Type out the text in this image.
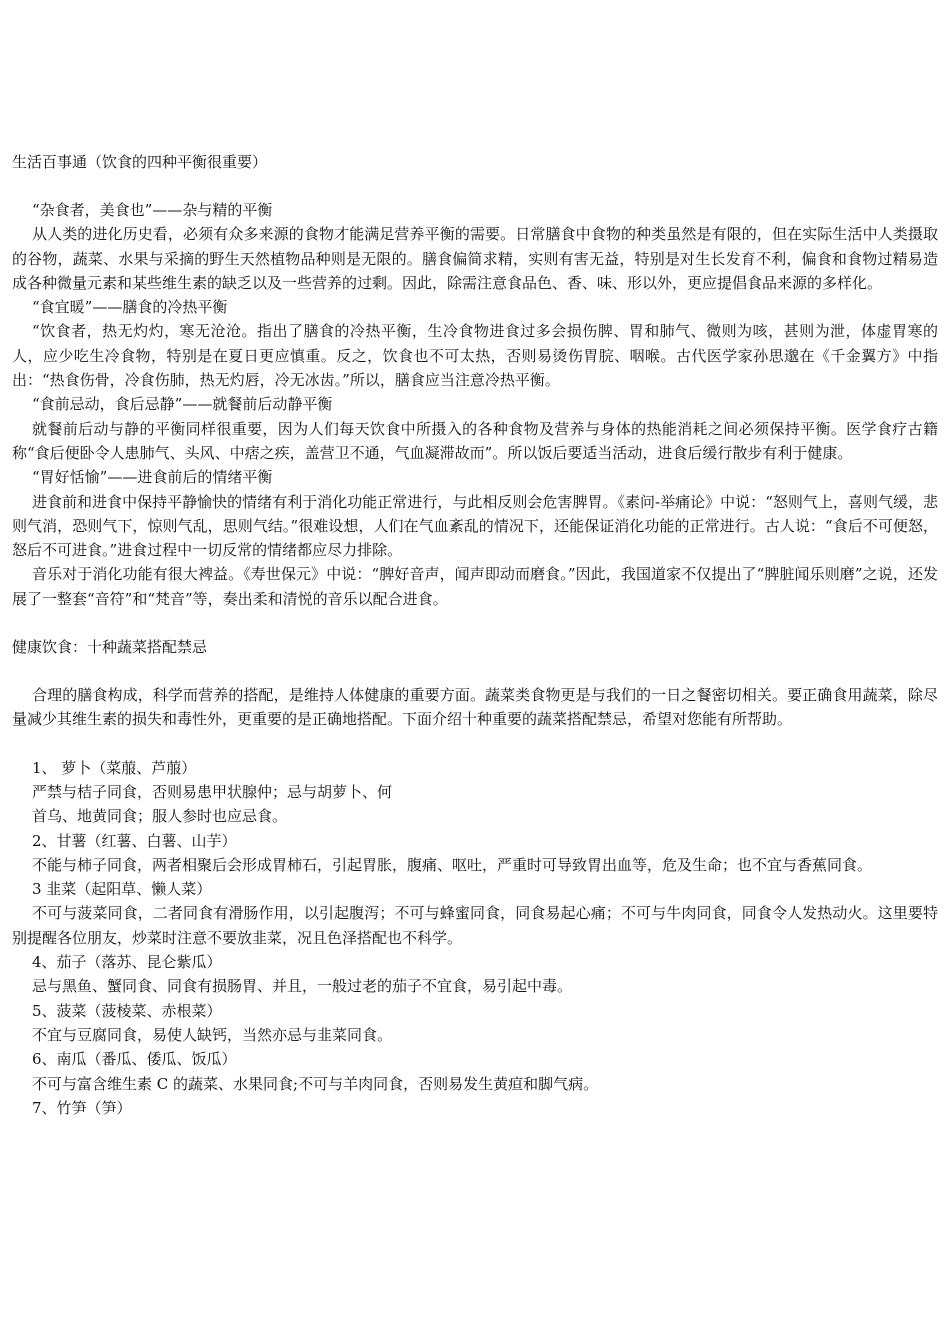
生活百事通（饮食的四种平衡很重要）

“杂食者，美食也”——杂与精的平衡

从人类的进化历史看，必须有众多来源的食物才能满足营养平衡的需要。日常膳食中食物的种类虽然是有限的，但在实际生活中人类摄取的谷物，蔬菜、水果与采摘的野生天然植物品种则是无限的。膳食偏简求精，实则有害无益，特别是对生长发育不利，偏食和食物过精易造成各种微量元素和某些维生素的缺乏以及一些营养的过剩。因此，除需注意食品色、香、味、形以外，更应提倡食品来源的多样化。

“食宜暖”——膳食的冷热平衡

“饮食者，热无灼灼，寒无沧沧。指出了膳食的冷热平衡，生冷食物进食过多会损伤脾、胃和肺气、微则为咳，甚则为泄，体虚胃寒的人，应少吃生冷食物，特别是在夏日更应慎重。反之，饮食也不可太热，否则易烫伤胃脘、咽喉。古代医学家孙思邈在《千金翼方》中指出：“热食伤骨，冷食伤肺，热无灼唇，冷无冰齿。”所以，膳食应当注意冷热平衡。

“食前忌动，食后忌静”——就餐前后动静平衡

就餐前后动与静的平衡同样很重要，因为人们每天饮食中所摄入的各种食物及营养与身体的热能消耗之间必须保持平衡。医学食疗古籍称“食后便卧令人患肺气、头风、中痞之疾，盖营卫不通，气血凝滞故而”。所以饭后要适当活动，进食后缓行散步有利于健康。

“胃好恬愉”——进食前后的情绪平衡

进食前和进食中保持平静愉快的情绪有利于消化功能正常进行，与此相反则会危害脾胃。《素问-举痛论》中说：“怒则气上，喜则气缓，悲则气消，恐则气下，惊则气乱，思则气结。”很难设想，人们在气血紊乱的情况下，还能保证消化功能的正常进行。古人说：“食后不可便怒，怒后不可进食。”进食过程中一切反常的情绪都应尽力排除。

音乐对于消化功能有很大裨益。《寿世保元》中说：“脾好音声，闻声即动而磨食。”因此，我国道家不仅提出了“脾脏闻乐则磨”之说，还发展了一整套“音符”和“梵音”等，奏出柔和清悦的音乐以配合进食。

健康饮食：十种蔬菜搭配禁忌

合理的膳食构成，科学而营养的搭配，是维持人体健康的重要方面。蔬菜类食物更是与我们的一日之餐密切相关。要正确食用蔬菜，除尽量减少其维生素的损失和毒性外，更重要的是正确地搭配。下面介绍十种重要的蔬菜搭配禁忌，希望对您能有所帮助。

1、 萝卜（菜菔、芦菔）

严禁与桔子同食，否则易患甲状腺仲；忌与胡萝卜、何

首乌、地黄同食；服人参时也应忌食。

2、甘薯（红薯、白薯、山芋）

不能与柿子同食，两者相聚后会形成胃柿石，引起胃胀，腹痛、呕吐，严重时可导致胃出血等，危及生命；也不宜与香蕉同食。

3 韭菜（起阳草、懒人菜）

不可与菠菜同食，二者同食有滑肠作用，以引起腹泻；不可与蜂蜜同食，同食易起心痛；不可与牛肉同食，同食令人发热动火。这里要特别提醒各位朋友，炒菜时注意不要放韭菜，况且色泽搭配也不科学。

4、茄子（落苏、昆仑紫瓜）

忌与黑鱼、蟹同食、同食有损肠胃、并且，一般过老的茄子不宜食，易引起中毒。

5、菠菜（菠棱菜、赤根菜）

不宜与豆腐同食，易使人缺钙，当然亦忌与韭菜同食。

6、南瓜（番瓜、倭瓜、饭瓜）

不可与富含维生素 C 的蔬菜、水果同食;不可与羊肉同食，否则易发生黄疸和脚气病。

7、竹笋（笋）
